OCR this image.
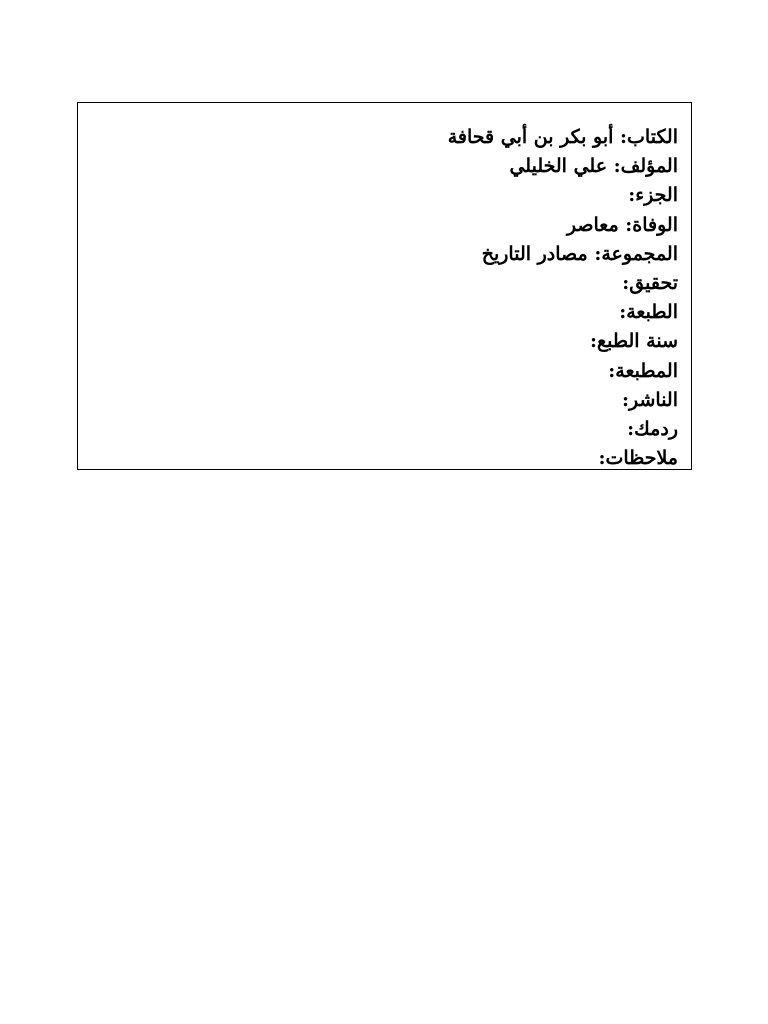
الكتاب: أبو بكر بن أبي قحافة
المؤلف: علي الخليلي
الجزء:
الوفاة: معاصر
المجموعة: مصادر التاريخ
تحقيق:
الطبعة:
سنة الطبع:
المطبعة:
الناشر:
ردمك:
ملاحظات:
